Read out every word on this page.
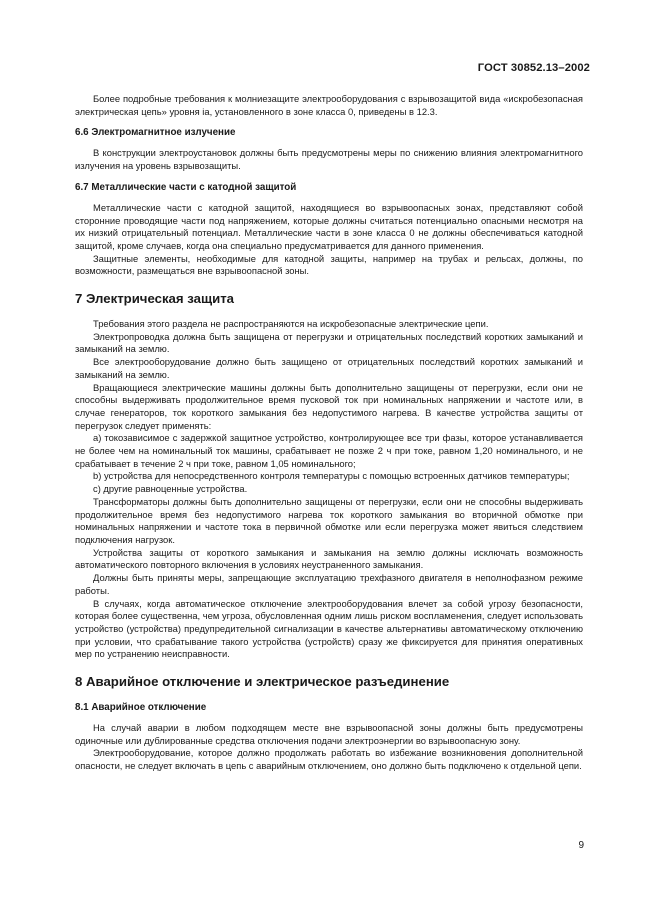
ГОСТ 30852.13–2002

Более подробные требования к молниезащите электрооборудования с взрывозащитой вида «искробезопасная электрическая цепь» уровня ia, установленного в зоне класса 0, приведены в 12.3.

6.6 Электромагнитное излучение

В конструкции электроустановок должны быть предусмотрены меры по снижению влияния электромагнитного излучения на уровень взрывозащиты.

6.7 Металлические части с катодной защитой

Металлические части с катодной защитой, находящиеся во взрывоопасных зонах, представляют собой сторонние проводящие части под напряжением, которые должны считаться потенциально опасными несмотря на их низкий отрицательный потенциал. Металлические части в зоне класса 0 не должны обеспечиваться катодной защитой, кроме случаев, когда она специально предусматривается для данного применения.

Защитные элементы, необходимые для катодной защиты, например на трубах и рельсах, должны, по возможности, размещаться вне взрывоопасной зоны.

7 Электрическая защита

Требования этого раздела не распространяются на искробезопасные электрические цепи.

Электропроводка должна быть защищена от перегрузки и отрицательных последствий коротких замыканий и замыканий на землю.

Все электрооборудование должно быть защищено от отрицательных последствий коротких замыканий и замыканий на землю.

Вращающиеся электрические машины должны быть дополнительно защищены от перегрузки, если они не способны выдерживать продолжительное время пусковой ток при номинальных напряжении и частоте или, в случае генераторов, ток короткого замыкания без недопустимого нагрева. В качестве устройства защиты от перегрузок следует применять:

а) токозависимое с задержкой защитное устройство, контролирующее все три фазы, которое устанавливается не более чем на номинальный ток машины, срабатывает не позже 2 ч при токе, равном 1,20 номинального, и не срабатывает в течение 2 ч при токе, равном 1,05 номинального;

b) устройства для непосредственного контроля температуры с помощью встроенных датчиков температуры;

c) другие равноценные устройства.

Трансформаторы должны быть дополнительно защищены от перегрузки, если они не способны выдерживать продолжительное время без недопустимого нагрева ток короткого замыкания во вторичной обмотке при номинальных напряжении и частоте тока в первичной обмотке или если перегрузка может явиться следствием подключения нагрузок.

Устройства защиты от короткого замыкания и замыкания на землю должны исключать возможность автоматического повторного включения в условиях неустраненного замыкания.

Должны быть приняты меры, запрещающие эксплуатацию трехфазного двигателя в неполнофазном режиме работы.

В случаях, когда автоматическое отключение электрооборудования влечет за собой угрозу безопасности, которая более существенна, чем угроза, обусловленная одним лишь риском воспламенения, следует использовать устройство (устройства) предупредительной сигнализации в качестве альтернативы автоматическому отключению при условии, что срабатывание такого устройства (устройств) сразу же фиксируется для принятия оперативных мер по устранению неисправности.

8 Аварийное отключение и электрическое разъединение
8.1 Аварийное отключение

На случай аварии в любом подходящем месте вне взрывоопасной зоны должны быть предусмотрены одиночные или дублированные средства отключения подачи электроэнергии во взрывоопасную зону.

Электрооборудование, которое должно продолжать работать во избежание возникновения дополнительной опасности, не следует включать в цепь с аварийным отключением, оно должно быть подключено к отдельной цепи.

9
